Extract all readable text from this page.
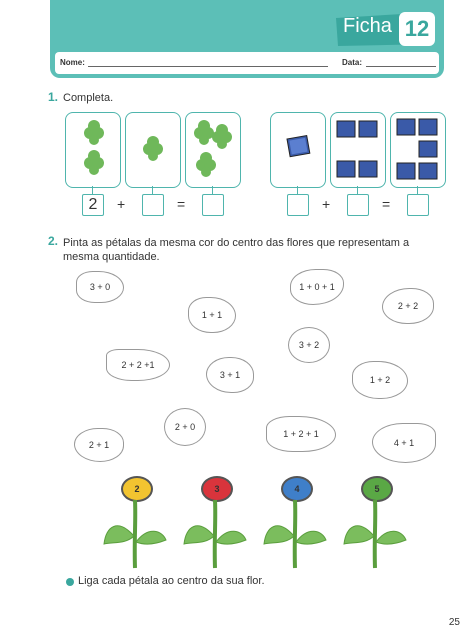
Nome:	Data:
Ficha 12
1. Completa.
2	+	=	+	=
2. Pinta as pétalas da mesma cor do centro das flores que representam a mesma quantidade.
3 + 0	1 + 0 + 1
2 + 2
1 + 1
3 + 2
2 + 2 +1
3 + 1	1 + 2
2 + 0
1 + 2 + 1
4 + 1
2 + 1
2	3	4	5
Liga cada pétala ao centro da sua flor.
25
